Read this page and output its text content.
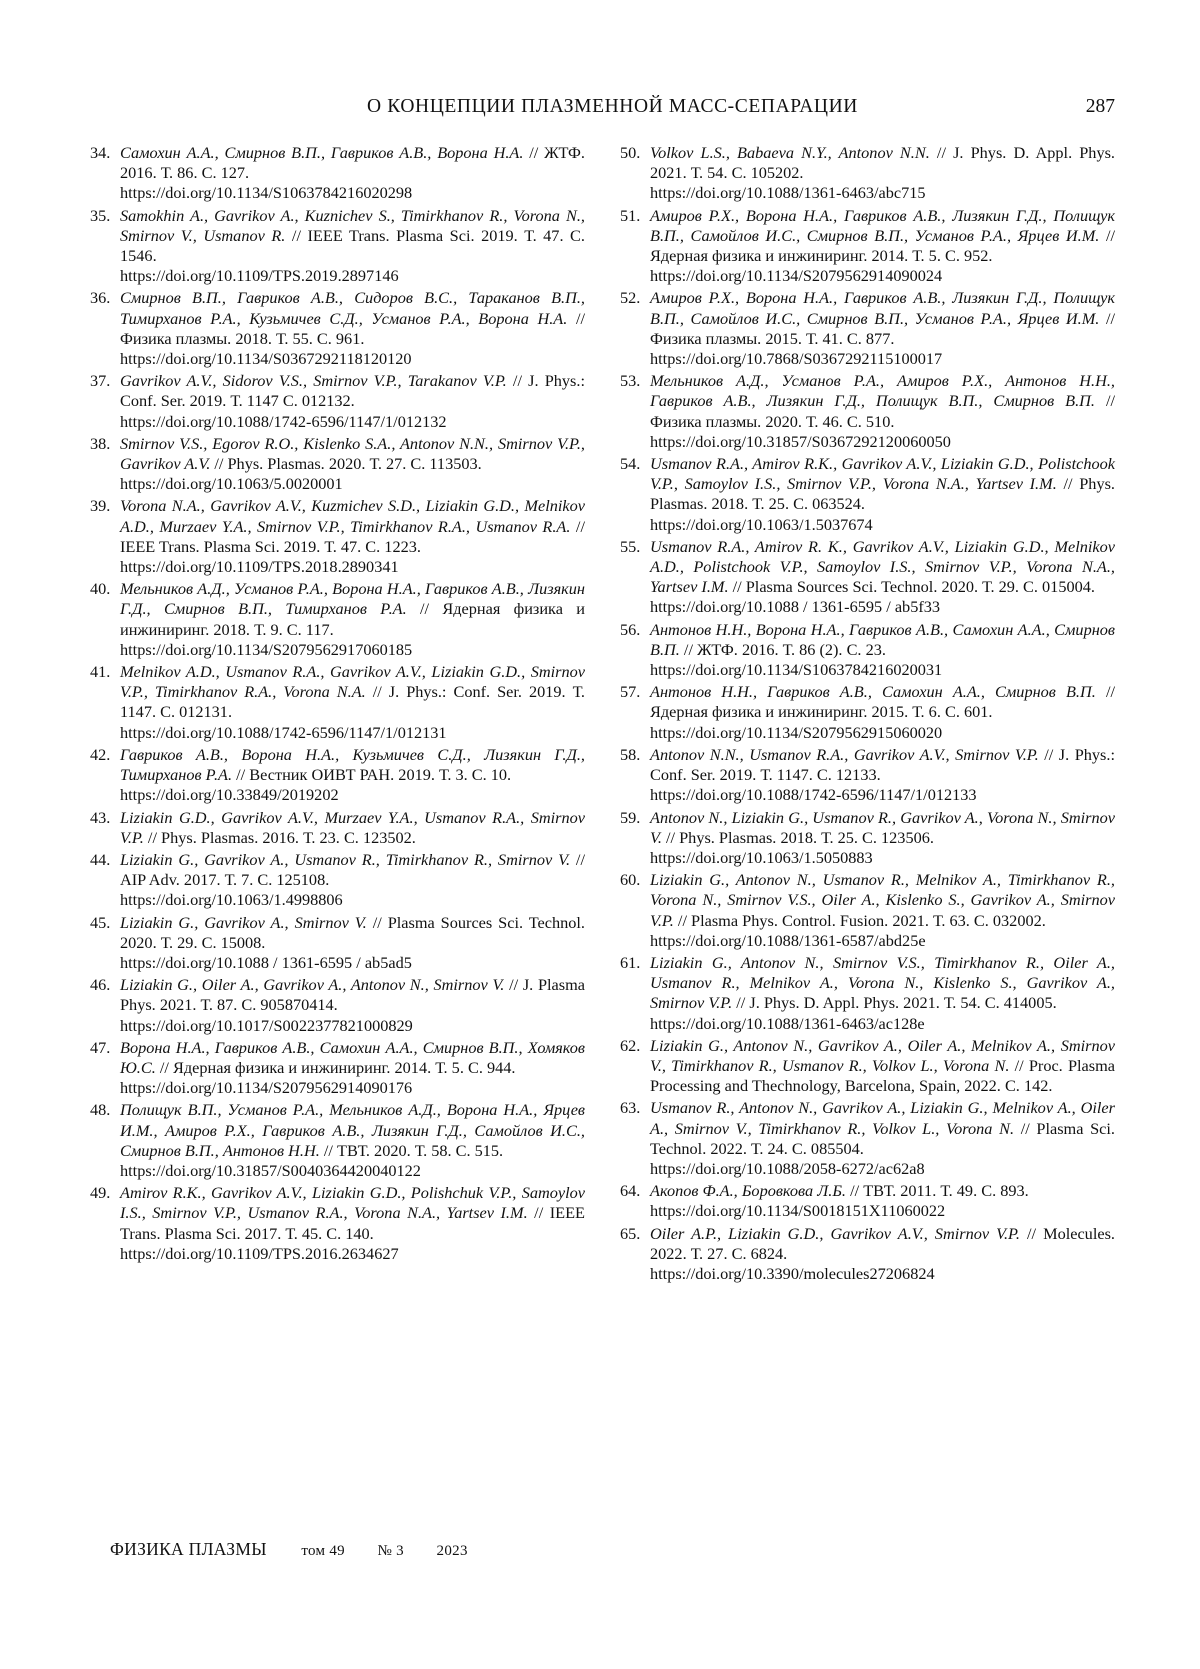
О КОНЦЕПЦИИ ПЛАЗМЕННОЙ МАСС-СЕПАРАЦИИ	287
34. Самохин А.А., Смирнов В.П., Гавриков А.В., Ворона Н.А. // ЖТФ. 2016. Т. 86. С. 127.
https://doi.org/10.1134/S1063784216020298
35. Samokhin A., Gavrikov A., Kuznichev S., Timirkhanov R., Vorona N., Smirnov V., Usmanov R. // IEEE Trans. Plasma Sci. 2019. Т. 47. С. 1546.
https://doi.org/10.1109/TPS.2019.2897146
36. Смирнов В.П., Гавриков А.В., Сидоров В.С., Тараканов В.П., Тимирханов Р.А., Кузьмичев С.Д., Усманов Р.А., Ворона Н.А. // Физика плазмы. 2018. Т. 55. С. 961.
https://doi.org/10.1134/S0367292118120120
37. Gavrikov A.V., Sidorov V.S., Smirnov V.P., Tarakanov V.P. // J. Phys.: Conf. Ser. 2019. Т. 1147 С. 012132.
https://doi.org/10.1088/1742-6596/1147/1/012132
38. Smirnov V.S., Egorov R.O., Kislenko S.A., Antonov N.N., Smirnov V.P., Gavrikov A.V. // Phys. Plasmas. 2020. Т. 27. С. 113503.
https://doi.org/10.1063/5.0020001
39. Vorona N.A., Gavrikov A.V., Kuzmichev S.D., Liziakin G.D., Melnikov A.D., Murzaev Y.A., Smirnov V.P., Timirkhanov R.A., Usmanov R.A. // IEEE Trans. Plasma Sci. 2019. Т. 47. С. 1223.
https://doi.org/10.1109/TPS.2018.2890341
40. Мельников А.Д., Усманов Р.А., Ворона Н.А., Гавриков А.В., Лизякин Г.Д., Смирнов В.П., Тимирханов Р.А. // Ядерная физика и инжиниринг. 2018. Т. 9. С. 117.
https://doi.org/10.1134/S2079562917060185
41. Melnikov A.D., Usmanov R.A., Gavrikov A.V., Liziakin G.D., Smirnov V.P., Timirkhanov R.A., Vorona N.A. // J. Phys.: Conf. Ser. 2019. Т. 1147. С. 012131.
https://doi.org/10.1088/1742-6596/1147/1/012131
42. Гавриков А.В., Ворона Н.А., Кузьмичев С.Д., Лизякин Г.Д., Тимирханов Р.А. // Вестник ОИВТ РАН. 2019. Т. 3. С. 10.
https://doi.org/10.33849/2019202
43. Liziakin G.D., Gavrikov A.V., Murzaev Y.A., Usmanov R.A., Smirnov V.P. // Phys. Plasmas. 2016. Т. 23. С. 123502.
44. Liziakin G., Gavrikov A., Usmanov R., Timirkhanov R., Smirnov V. // AIP Adv. 2017. Т. 7. С. 125108.
https://doi.org/10.1063/1.4998806
45. Liziakin G., Gavrikov A., Smirnov V. // Plasma Sources Sci. Technol. 2020. Т. 29. С. 15008.
https://doi.org/10.1088 / 1361-6595 / ab5ad5
46. Liziakin G., Oiler A., Gavrikov A., Antonov N., Smirnov V. // J. Plasma Phys. 2021. Т. 87. С. 905870414.
https://doi.org/10.1017/S0022377821000829
47. Ворона Н.А., Гавриков А.В., Самохин А.А., Смирнов В.П., Хомяков Ю.С. // Ядерная физика и инжиниринг. 2014. Т. 5. С. 944.
https://doi.org/10.1134/S2079562914090176
48. Полищук В.П., Усманов Р.А., Мельников А.Д., Ворона Н.А., Ярцев И.М., Амиров Р.Х., Гавриков А.В., Лизякин Г.Д., Самойлов И.С., Смирнов В.П., Антонов Н.Н. // ТВТ. 2020. Т. 58. С. 515.
https://doi.org/10.31857/S0040364420040122
49. Amirov R.K., Gavrikov A.V., Liziakin G.D., Polishchuk V.P., Samoylov I.S., Smirnov V.P., Usmanov R.A., Vorona N.A., Yartsev I.M. // IEEE Trans. Plasma Sci. 2017. Т. 45. С. 140.
https://doi.org/10.1109/TPS.2016.2634627
50. Volkov L.S., Babaeva N.Y., Antonov N.N. // J. Phys. D. Appl. Phys. 2021. Т. 54. С. 105202.
https://doi.org/10.1088/1361-6463/abc715
51. Амиров Р.Х., Ворона Н.А., Гавриков А.В., Лизякин Г.Д., Полищук В.П., Самойлов И.С., Смирнов В.П., Усманов Р.А., Ярцев И.М. // Ядерная физика и инжиниринг. 2014. Т. 5. С. 952.
https://doi.org/10.1134/S2079562914090024
52. Амиров Р.Х., Ворона Н.А., Гавриков А.В., Лизякин Г.Д., Полищук В.П., Самойлов И.С., Смирнов В.П., Усманов Р.А., Ярцев И.М. // Физика плазмы. 2015. Т. 41. С. 877.
https://doi.org/10.7868/S0367292115100017
53. Мельников А.Д., Усманов Р.А., Амиров Р.Х., Антонов Н.Н., Гавриков А.В., Лизякин Г.Д., Полищук В.П., Смирнов В.П. // Физика плазмы. 2020. Т. 46. С. 510.
https://doi.org/10.31857/S0367292120060050
54. Usmanov R.A., Amirov R.K., Gavrikov A.V., Liziakin G.D., Polistchook V.P., Samoylov I.S., Smirnov V.P., Vorona N.A., Yartsev I.M. // Phys. Plasmas. 2018. Т. 25. С. 063524.
https://doi.org/10.1063/1.5037674
55. Usmanov R.A., Amirov R. K., Gavrikov A.V., Liziakin G.D., Melnikov A.D., Polistchook V.P., Samoylov I.S., Smirnov V.P., Vorona N.A., Yartsev I.M. // Plasma Sources Sci. Technol. 2020. Т. 29. С. 015004.
https://doi.org/10.1088 / 1361-6595 / ab5f33
56. Антонов Н.Н., Ворона Н.А., Гавриков А.В., Самохин А.А., Смирнов В.П. // ЖТФ. 2016. Т. 86 (2). С. 23.
https://doi.org/10.1134/S1063784216020031
57. Антонов Н.Н., Гавриков А.В., Самохин А.А., Смирнов В.П. // Ядерная физика и инжиниринг. 2015. Т. 6. С. 601.
https://doi.org/10.1134/S2079562915060020
58. Antonov N.N., Usmanov R.A., Gavrikov A.V., Smirnov V.P. // J. Phys.: Conf. Ser. 2019. Т. 1147. С. 12133.
https://doi.org/10.1088/1742-6596/1147/1/012133
59. Antonov N., Liziakin G., Usmanov R., Gavrikov A., Vorona N., Smirnov V. // Phys. Plasmas. 2018. Т. 25. С. 123506.
https://doi.org/10.1063/1.5050883
60. Liziakin G., Antonov N., Usmanov R., Melnikov A., Timirkhanov R., Vorona N., Smirnov V.S., Oiler A., Kislenko S., Gavrikov A., Smirnov V.P. // Plasma Phys. Control. Fusion. 2021. Т. 63. С. 032002.
https://doi.org/10.1088/1361-6587/abd25e
61. Liziakin G., Antonov N., Smirnov V.S., Timirkhanov R., Oiler A., Usmanov R., Melnikov A., Vorona N., Kislenko S., Gavrikov A., Smirnov V.P. // J. Phys. D. Appl. Phys. 2021. Т. 54. С. 414005.
https://doi.org/10.1088/1361-6463/ac128e
62. Liziakin G., Antonov N., Gavrikov A., Oiler A., Melnikov A., Smirnov V., Timirkhanov R., Usmanov R., Volkov L., Vorona N. // Proc. Plasma Processing and Thechnology, Barcelona, Spain, 2022. С. 142.
63. Usmanov R., Antonov N., Gavrikov A., Liziakin G., Melnikov A., Oiler A., Smirnov V., Timirkhanov R., Volkov L., Vorona N. // Plasma Sci. Technol. 2022. Т. 24. С. 085504.
https://doi.org/10.1088/2058-6272/ac62a8
64. Акопов Ф.А., Боровкова Л.Б. // ТВТ. 2011. Т. 49. С. 893.
https://doi.org/10.1134/S0018151X11060022
65. Oiler A.P., Liziakin G.D., Gavrikov A.V., Smirnov V.P. // Molecules. 2022. Т. 27. С. 6824.
https://doi.org/10.3390/molecules27206824
ФИЗИКА ПЛАЗМЫ том 49 № 3 2023
